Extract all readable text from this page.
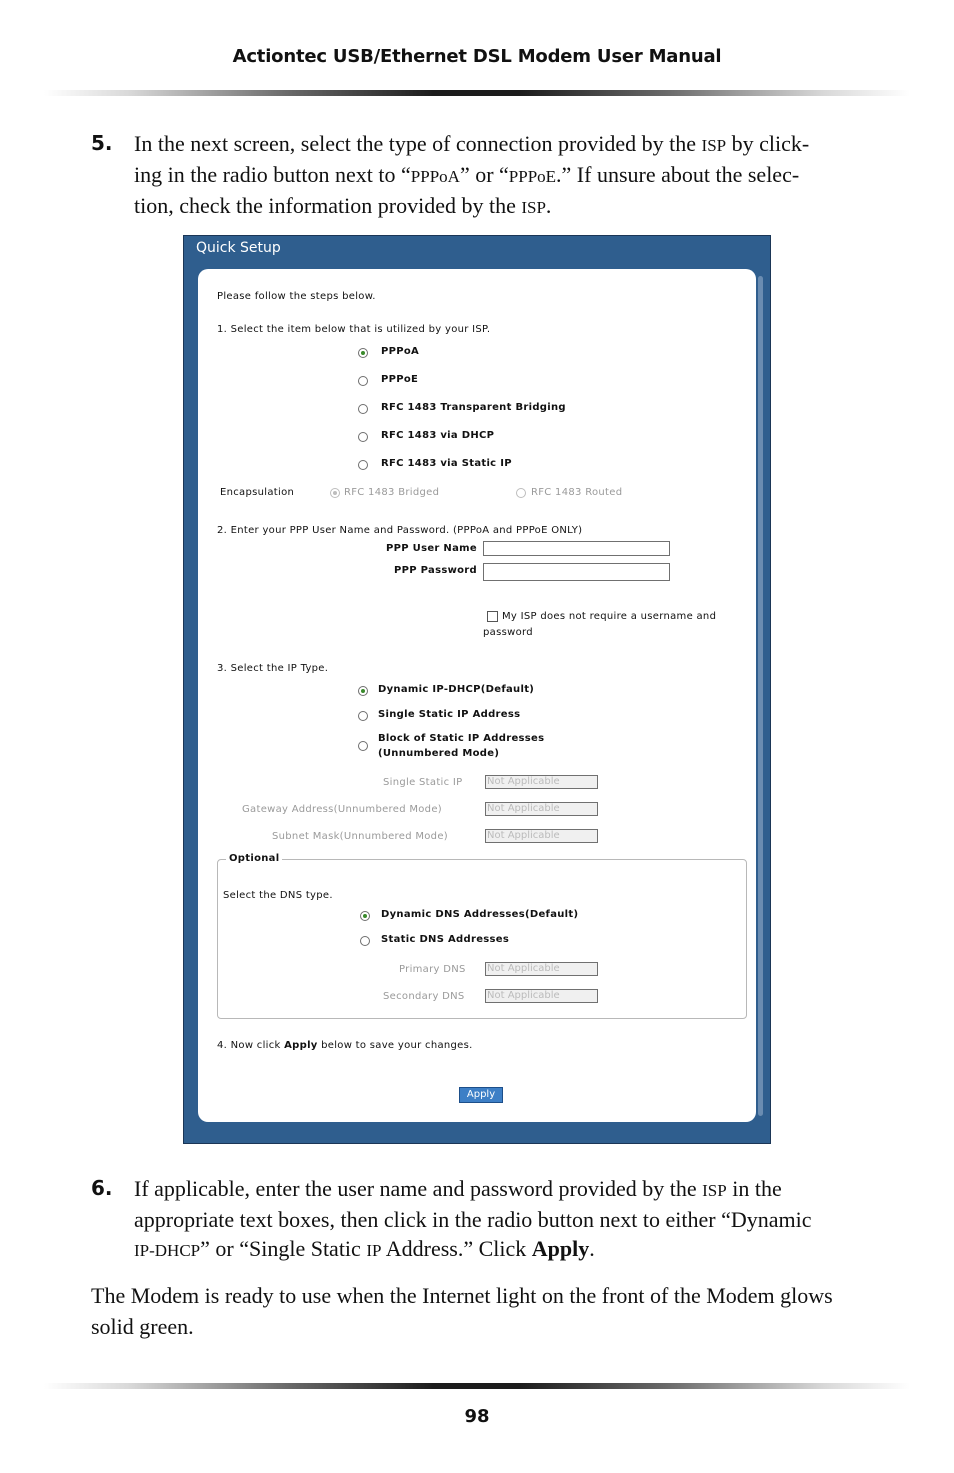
Actiontec USB/Ethernet DSL Modem User Manual
5. In the next screen, select the type of connection provided by the ISP by click-
ing in the radio button next to “PPPoA” or “PPPoE.” If unsure about the selec-
tion, check the information provided by the ISP.
Quick Setup
Please follow the steps below.
1. Select the item below that is utilized by your ISP.
PPPoA
PPPoE
RFC 1483 Transparent Bridging
RFC 1483 via DHCP
RFC 1483 via Static IP
Encapsulation	RFC 1483 Bridged	RFC 1483 Routed
2. Enter your PPP User Name and Password. (PPPoA and PPPoE ONLY)
PPP User Name
PPP Password
My ISP does not require a username and
password
3. Select the IP Type.
Dynamic IP-DHCP(Default)
Single Static IP Address
Block of Static IP Addresses
(Unnumbered Mode)
Single Static IP Not Applicable
Gateway Address(Unnumbered Mode)	Not Applicable
Subnet Mask(Unnumbered Mode)	Not Applicable
Optional
Select the DNS type.
Dynamic DNS Addresses(Default)
Static DNS Addresses
Primary DNS Not Applicable
Secondary DNS Not Applicable
4. Now click Apply below to save your changes.
Apply
6. If applicable, enter the user name and password provided by the ISP in the
appropriate text boxes, then click in the radio button next to either “Dynamic
IP-DHCP” or “Single Static IP Address.” Click Apply.
The Modem is ready to use when the Internet light on the front of the Modem glows solid green.
98
